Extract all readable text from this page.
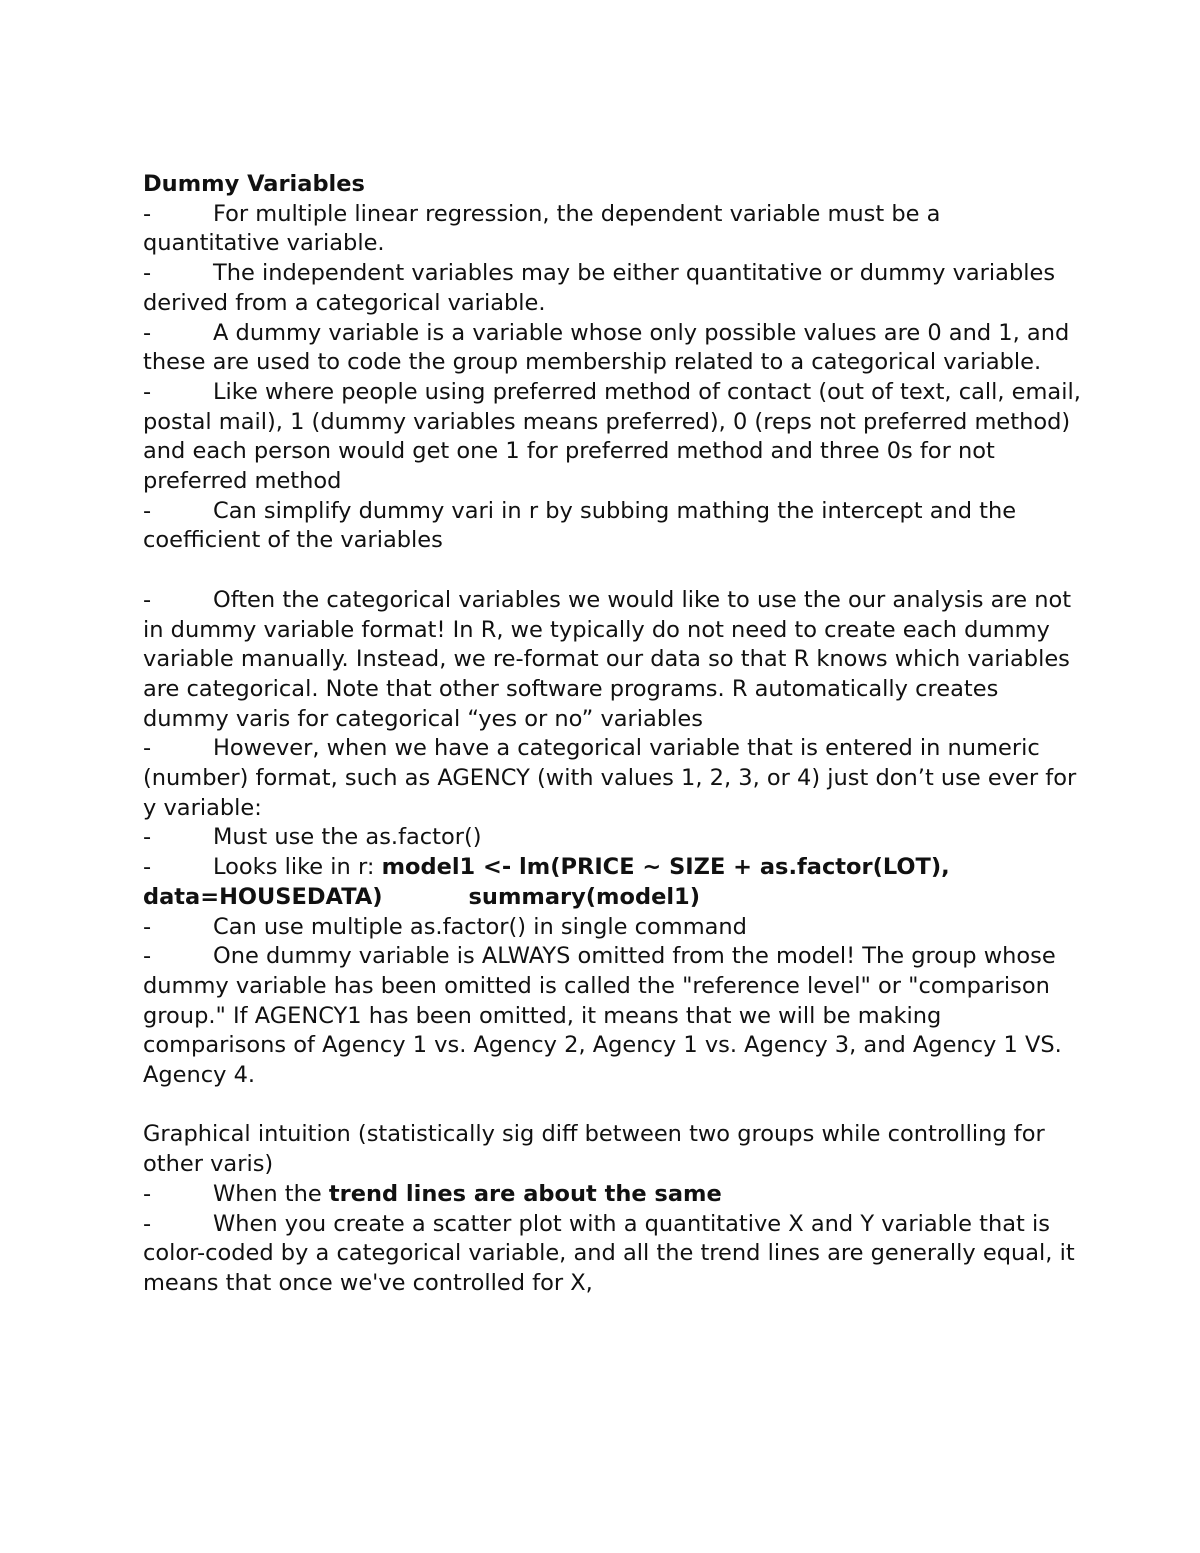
Dummy Variables

-	For multiple linear regression, the dependent variable must be a quantitative variable.

-	The independent variables may be either quantitative or dummy variables derived from a categorical variable.

-	A dummy variable is a variable whose only possible values are 0 and 1, and these are used to code the group membership related to a categorical variable.

-	Like where people using preferred method of contact (out of text, call, email, postal mail), 1 (dummy variables means preferred), 0 (reps not preferred method) and each person would get one 1 for preferred method and three 0s for not preferred method

-	Can simplify dummy vari in r by subbing mathing the intercept and the coefficient of the variables

-	Often the categorical variables we would like to use the our analysis are not in dummy variable format! In R, we typically do not need to create each dummy variable manually. Instead, we re-format our data so that R knows which variables are categorical. Note that other software programs. R automatically creates dummy varis for categorical “yes or no” variables

-	However, when we have a categorical variable that is entered in numeric (number) format, such as AGENCY (with values 1, 2, 3, or 4) just don’t use ever for y variable:

-	Must use the as.factor()

-	Looks like in r: model1 <- lm(PRICE ~ SIZE + as.factor(LOT), data=HOUSEDATA)	summary(model1)

-	Can use multiple as.factor() in single command

-	One dummy variable is ALWAYS omitted from the model! The group whose dummy variable has been omitted is called the "reference level" or "comparison group." If AGENCY1 has been omitted, it means that we will be making comparisons of Agency 1 vs. Agency 2, Agency 1 vs. Agency 3, and Agency 1 VS. Agency 4.

Graphical intuition (statistically sig diff between two groups while controlling for other varis)

-	When the trend lines are about the same

-	When you create a scatter plot with a quantitative X and Y variable that is color-coded by a categorical variable, and all the trend lines are generally equal, it means that once we've controlled for X,
